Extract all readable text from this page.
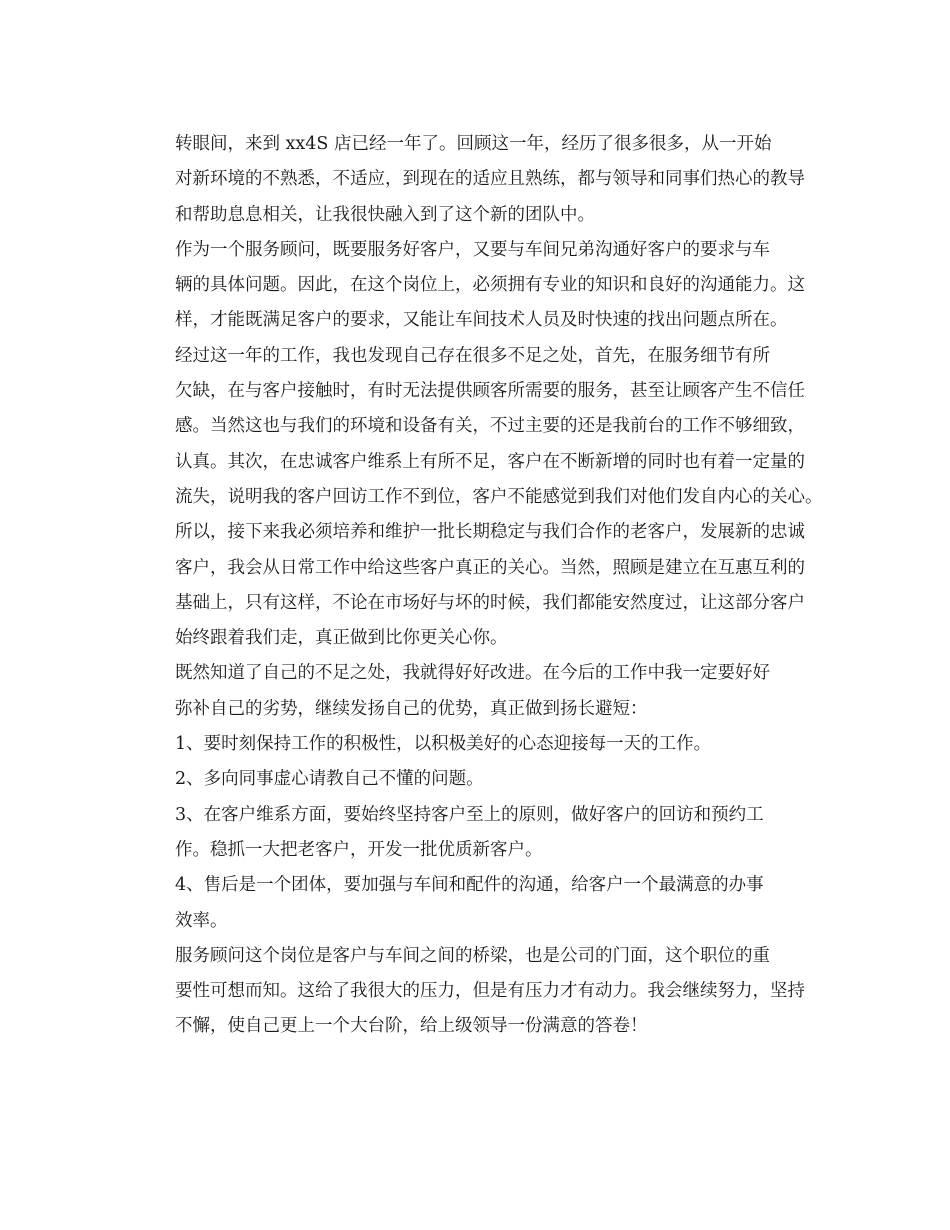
转眼间，来到 xx4S 店已经一年了。回顾这一年，经历了很多很多，从一开始
对新环境的不熟悉，不适应，到现在的适应且熟练，都与领导和同事们热心的教导
和帮助息息相关，让我很快融入到了这个新的团队中。
作为一个服务顾问，既要服务好客户，又要与车间兄弟沟通好客户的要求与车
辆的具体问题。因此，在这个岗位上，必须拥有专业的知识和良好的沟通能力。这
样，才能既满足客户的要求，又能让车间技术人员及时快速的找出问题点所在。
经过这一年的工作，我也发现自己存在很多不足之处，首先，在服务细节有所
欠缺，在与客户接触时，有时无法提供顾客所需要的服务，甚至让顾客产生不信任
感。当然这也与我们的环境和设备有关，不过主要的还是我前台的工作不够细致，
认真。其次，在忠诚客户维系上有所不足，客户在不断新增的同时也有着一定量的
流失，说明我的客户回访工作不到位，客户不能感觉到我们对他们发自内心的关心。
所以，接下来我必须培养和维护一批长期稳定与我们合作的老客户，发展新的忠诚
客户，我会从日常工作中给这些客户真正的关心。当然，照顾是建立在互惠互利的
基础上，只有这样，不论在市场好与坏的时候，我们都能安然度过，让这部分客户
始终跟着我们走，真正做到比你更关心你。
既然知道了自己的不足之处，我就得好好改进。在今后的工作中我一定要好好
弥补自己的劣势，继续发扬自己的优势，真正做到扬长避短：
1、要时刻保持工作的积极性，以积极美好的心态迎接每一天的工作。
2、多向同事虚心请教自己不懂的问题。
3、在客户维系方面，要始终坚持客户至上的原则，做好客户的回访和预约工
作。稳抓一大把老客户，开发一批优质新客户。
4、售后是一个团体，要加强与车间和配件的沟通，给客户一个最满意的办事
效率。
服务顾问这个岗位是客户与车间之间的桥梁，也是公司的门面，这个职位的重
要性可想而知。这给了我很大的压力，但是有压力才有动力。我会继续努力，坚持
不懈，使自己更上一个大台阶，给上级领导一份满意的答卷！
